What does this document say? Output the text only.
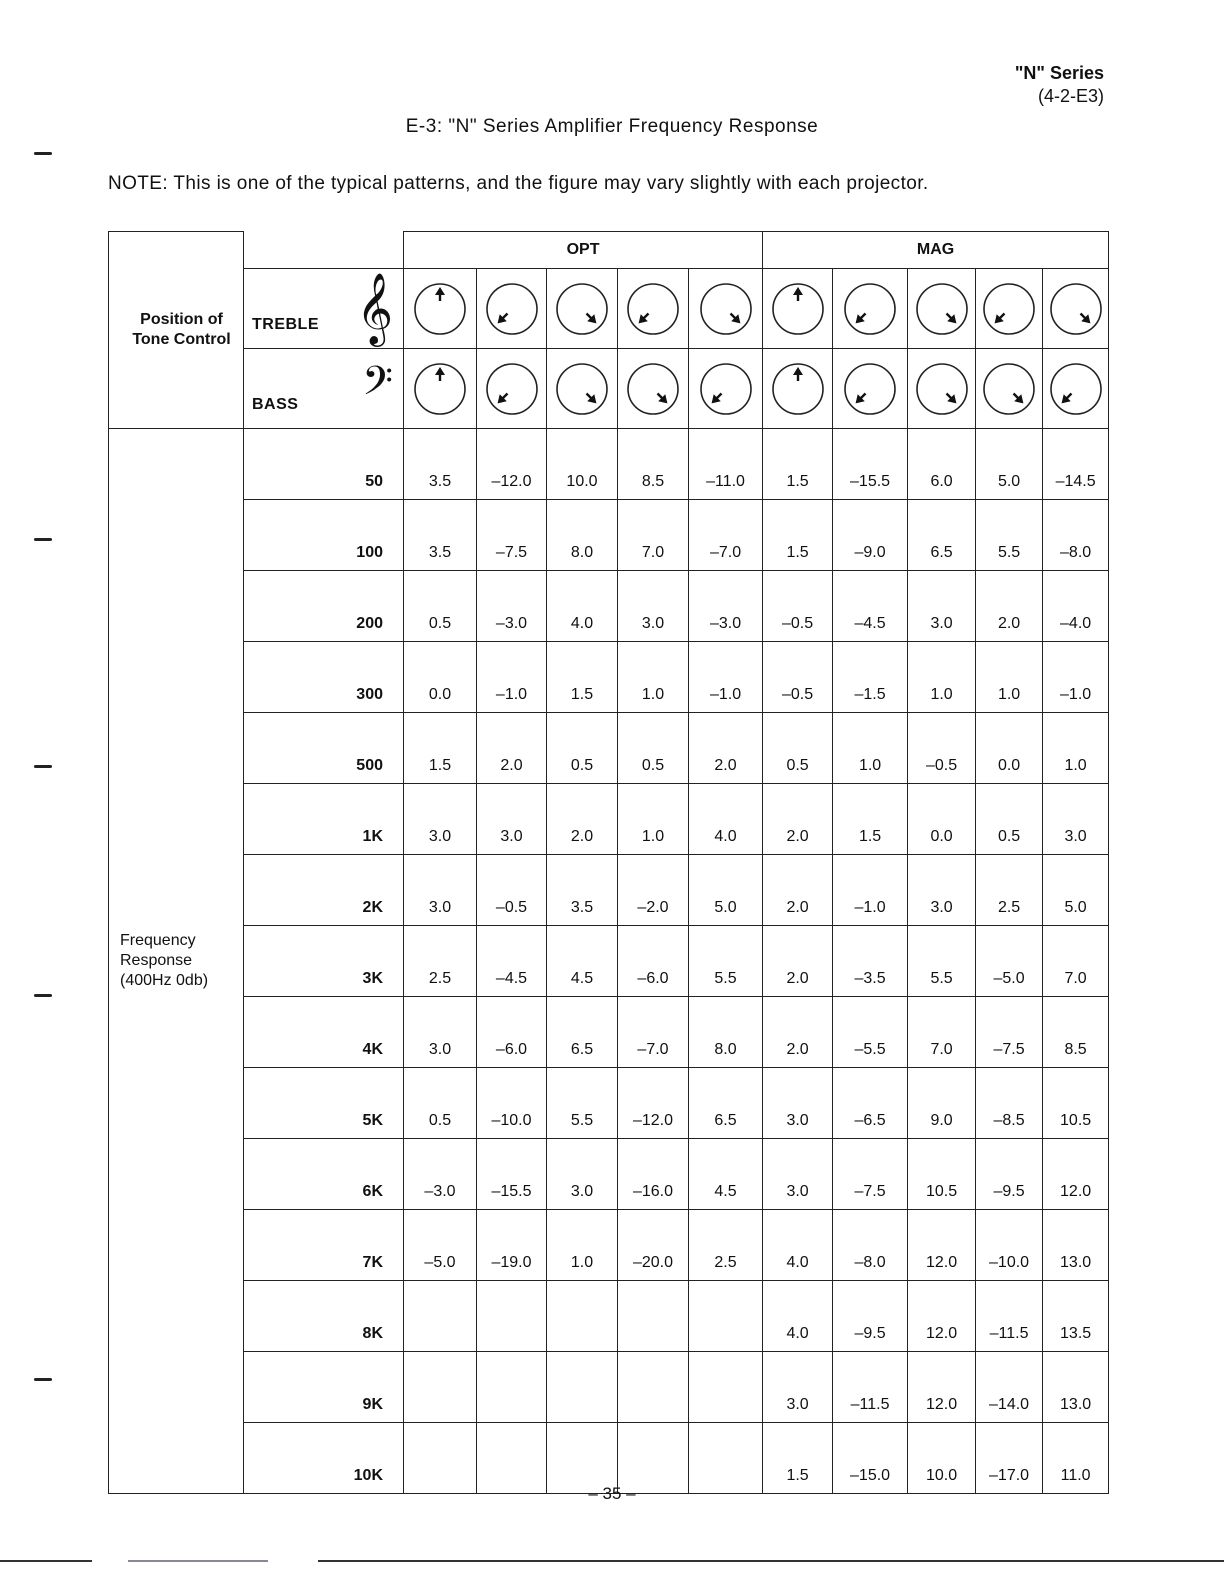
"N" Series
(4-2-E3)
E-3: "N" Series Amplifier Frequency Response
NOTE: This is one of the typical patterns, and the figure may vary slightly with each projector.
Position of
Tone Control		OPT					MAG				

	TREBLE 𝄞

	BASS 𝄢

Frequency
Response
(400Hz 0db)	50	3.5	–12.0	10.0	8.5	–11.0	1.5	–15.5	6.0	5.0	–14.5
	100	3.5	–7.5	8.0	7.0	–7.0	1.5	–9.0	6.5	5.5	–8.0
	200	0.5	–3.0	4.0	3.0	–3.0	–0.5	–4.5	3.0	2.0	–4.0
	300	0.0	–1.0	1.5	1.0	–1.0	–0.5	–1.5	1.0	1.0	–1.0
	500	1.5	2.0	0.5	0.5	2.0	0.5	1.0	–0.5	0.0	1.0
	1K	3.0	3.0	2.0	1.0	4.0	2.0	1.5	0.0	0.5	3.0
	2K	3.0	–0.5	3.5	–2.0	5.0	2.0	–1.0	3.0	2.5	5.0
	3K	2.5	–4.5	4.5	–6.0	5.5	2.0	–3.5	5.5	–5.0	7.0
	4K	3.0	–6.0	6.5	–7.0	8.0	2.0	–5.5	7.0	–7.5	8.5
	5K	0.5	–10.0	5.5	–12.0	6.5	3.0	–6.5	9.0	–8.5	10.5
	6K	–3.0	–15.5	3.0	–16.0	4.5	3.0	–7.5	10.5	–9.5	12.0
	7K	–5.0	–19.0	1.0	–20.0	2.5	4.0	–8.0	12.0	–10.0	13.0
	8K						4.0	–9.5	12.0	–11.5	13.5
	9K						3.0	–11.5	12.0	–14.0	13.0
	10K						1.5	–15.0	10.0	–17.0	11.0
– 35 –
